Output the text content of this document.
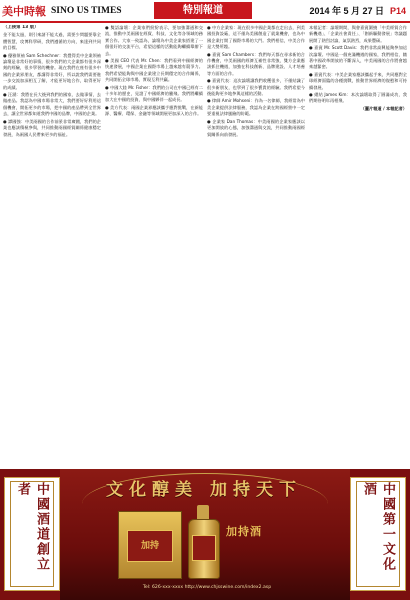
美中時報 SINO US TIMES	特別報道	2014 年 5 月 27 日 P14

（上接第 13 版）

金不能太過，則引來諸不能太過，需要少問題要靠全體智慧，攻博科學研，我們遵循的方向，來達到共同的目標。

● 優雅領袖 Sam Schechner：我覺得美中企業領袖論壇是非常好的事情，很多我們的大企業都有很多深刻的經驗，很多學習的機會。現在我們在座有很多中國的企業界朋友，都講得非常好，所以說我們需要進一步交流加深相互了解，才能更好地合作，取得更好的成績。

● 汪涵：我將在長大後到我們的國家，去做事情，去做產品。我認為中國市場非常大，我們要好好利用這個機會，開拓更多的市場，把中國的產品帶到全世界去，讓全世界都知道我們中國的品牌，中國的企業。

● 譚國強：中美兩國的合作前景非常廣闊，我們的企業也應該積極參與，共同推動兩國經貿關係健康穩定發展，為兩國人民帶來更多的福祉。

● 雙語論壇：企業家們紛紛表示，要加強溝通和交流，推動中美兩國在經貿、科技、文化等各領域的務實合作。大家一致認為，論壇為中美企業家搭建了一個很好的交流平台，希望這樣的活動能夠繼續舉辦下去。

● 美國 CEO 代表 Mr. Chen：我們看到中國經濟的快速發展，中國企業在國際市場上越來越有競爭力。我們希望能夠與中國企業建立長期穩定的合作關係，共同開拓全球市場，實現互利共贏。

● 中國大陸 Mr. Fisher：我們的公司在中國已經有二十多年的歷史，見證了中國經濟的騰飛。我們將繼續加大在中國的投資，與中國夥伴一起成長。

● 美方代表：兩國企業界應該攜手應對挑戰，在新能源、醫療、環保、金融等領域開展更加深入的合作。

● 中方企業家：現在很多中國企業都在走出去，到美國投資設廠，這不僅為美國創造了就業機會，也為中國企業打開了國際市場的大門。我們相信，中美合作是大勢所趨。

● 嘉賓 Sam Chambers：我們每天都在尋求新的合作機會，中美兩國的經濟互補性非常強，雙方企業應該抓住機遇，加強在科技創新、品牌建設、人才培養等方面的合作。

● 嘉賓代表：這次論壇讓我們收穫很多，不僅結識了很多新朋友，也學到了很多寶貴的經驗。我們希望今後能夠更多地參與這樣的活動。

● 律師 Amir Mohseni：作為一名律師，我經常為中美企業提供法律服務，我認為企業在跨國經營中一定要重視法律風險的防範。

● 企業家 Dan Thomas：中美兩國的企業家應該以更加開放的心態，加強溝通與交流，共同推動兩國經貿關係向前發展。

本報記者：論壇期間，與會嘉賓圍繞「中美經貿合作新機遇」、「企業社會責任」、「創新驅動發展」等議題展開了熱烈討論，氣氛熱烈，成果豐碩。

● 嘉賓 Mr. Scott Davis：我們非常高興能夠參加這次論壇。中國是一個充滿機遇的國家，我們相信，隨著中國改革開放的不斷深入，中美兩國的合作將會越來越緊密。

● 嘉賓代表：中美企業家應該攜起手來，共同應對全球經濟面臨的各種挑戰，推動世界經濟的復甦和可持續發展。

● 總結 James Kim：本次論壇取得了圓滿成功，我們期待明年再相聚。

（圖片報道 / 本報記者）

中國酒道創立者	文化醇美 加持天下
加持
加持酒	中國第一文化酒
Tel: 626-xxx-xxxx http://www.chjsswine.com/index2.asp
